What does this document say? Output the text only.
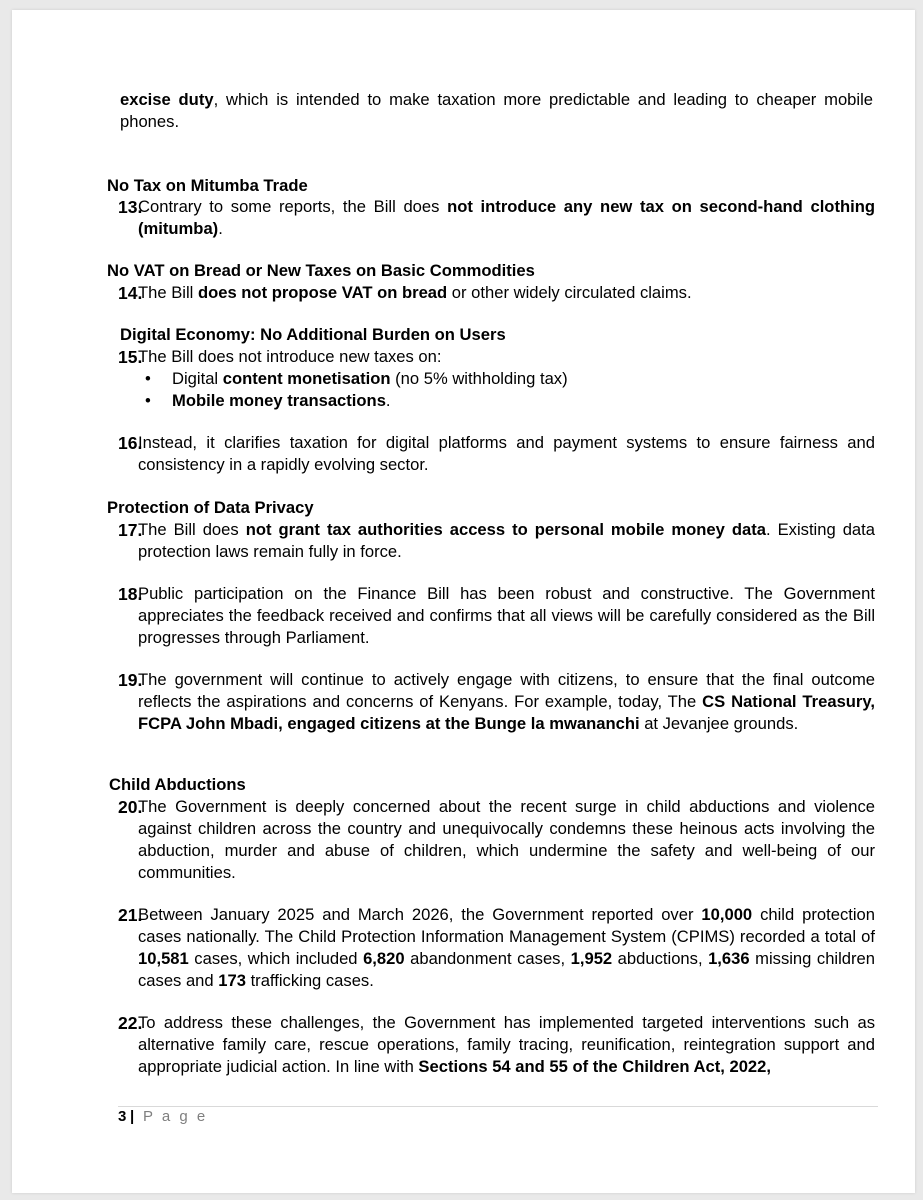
excise duty, which is intended to make taxation more predictable and leading to cheaper mobile phones.
No Tax on Mitumba Trade
13.
Contrary to some reports, the Bill does not introduce any new tax on second-hand clothing (mitumba).
No VAT on Bread or New Taxes on Basic Commodities
14.
The Bill does not propose VAT on bread or other widely circulated claims.
Digital Economy: No Additional Burden on Users
15.
The Bill does not introduce new taxes on:
• Digital content monetisation (no 5% withholding tax)
• Mobile money transactions.
16.
Instead, it clarifies taxation for digital platforms and payment systems to ensure fairness and consistency in a rapidly evolving sector.
Protection of Data Privacy
17.
The Bill does not grant tax authorities access to personal mobile money data. Existing data protection laws remain fully in force.
18.
Public participation on the Finance Bill has been robust and constructive. The Government appreciates the feedback received and confirms that all views will be carefully considered as the Bill progresses through Parliament.
19.
The government will continue to actively engage with citizens, to ensure that the final outcome reflects the aspirations and concerns of Kenyans. For example, today, The CS National Treasury, FCPA John Mbadi, engaged citizens at the Bunge la mwananchi at Jevanjee grounds.
Child Abductions
20.
The Government is deeply concerned about the recent surge in child abductions and violence against children across the country and unequivocally condemns these heinous acts involving the abduction, murder and abuse of children, which undermine the safety and well-being of our communities.
21.
Between January 2025 and March 2026, the Government reported over 10,000 child protection cases nationally. The Child Protection Information Management System (CPIMS) recorded a total of 10,581 cases, which included 6,820 abandonment cases, 1,952 abductions, 1,636 missing children cases and 173 trafficking cases.
22.
To address these challenges, the Government has implemented targeted interventions such as alternative family care, rescue operations, family tracing, reunification, reintegration support and appropriate judicial action. In line with Sections 54 and 55 of the Children Act, 2022,
3 | P a g e
